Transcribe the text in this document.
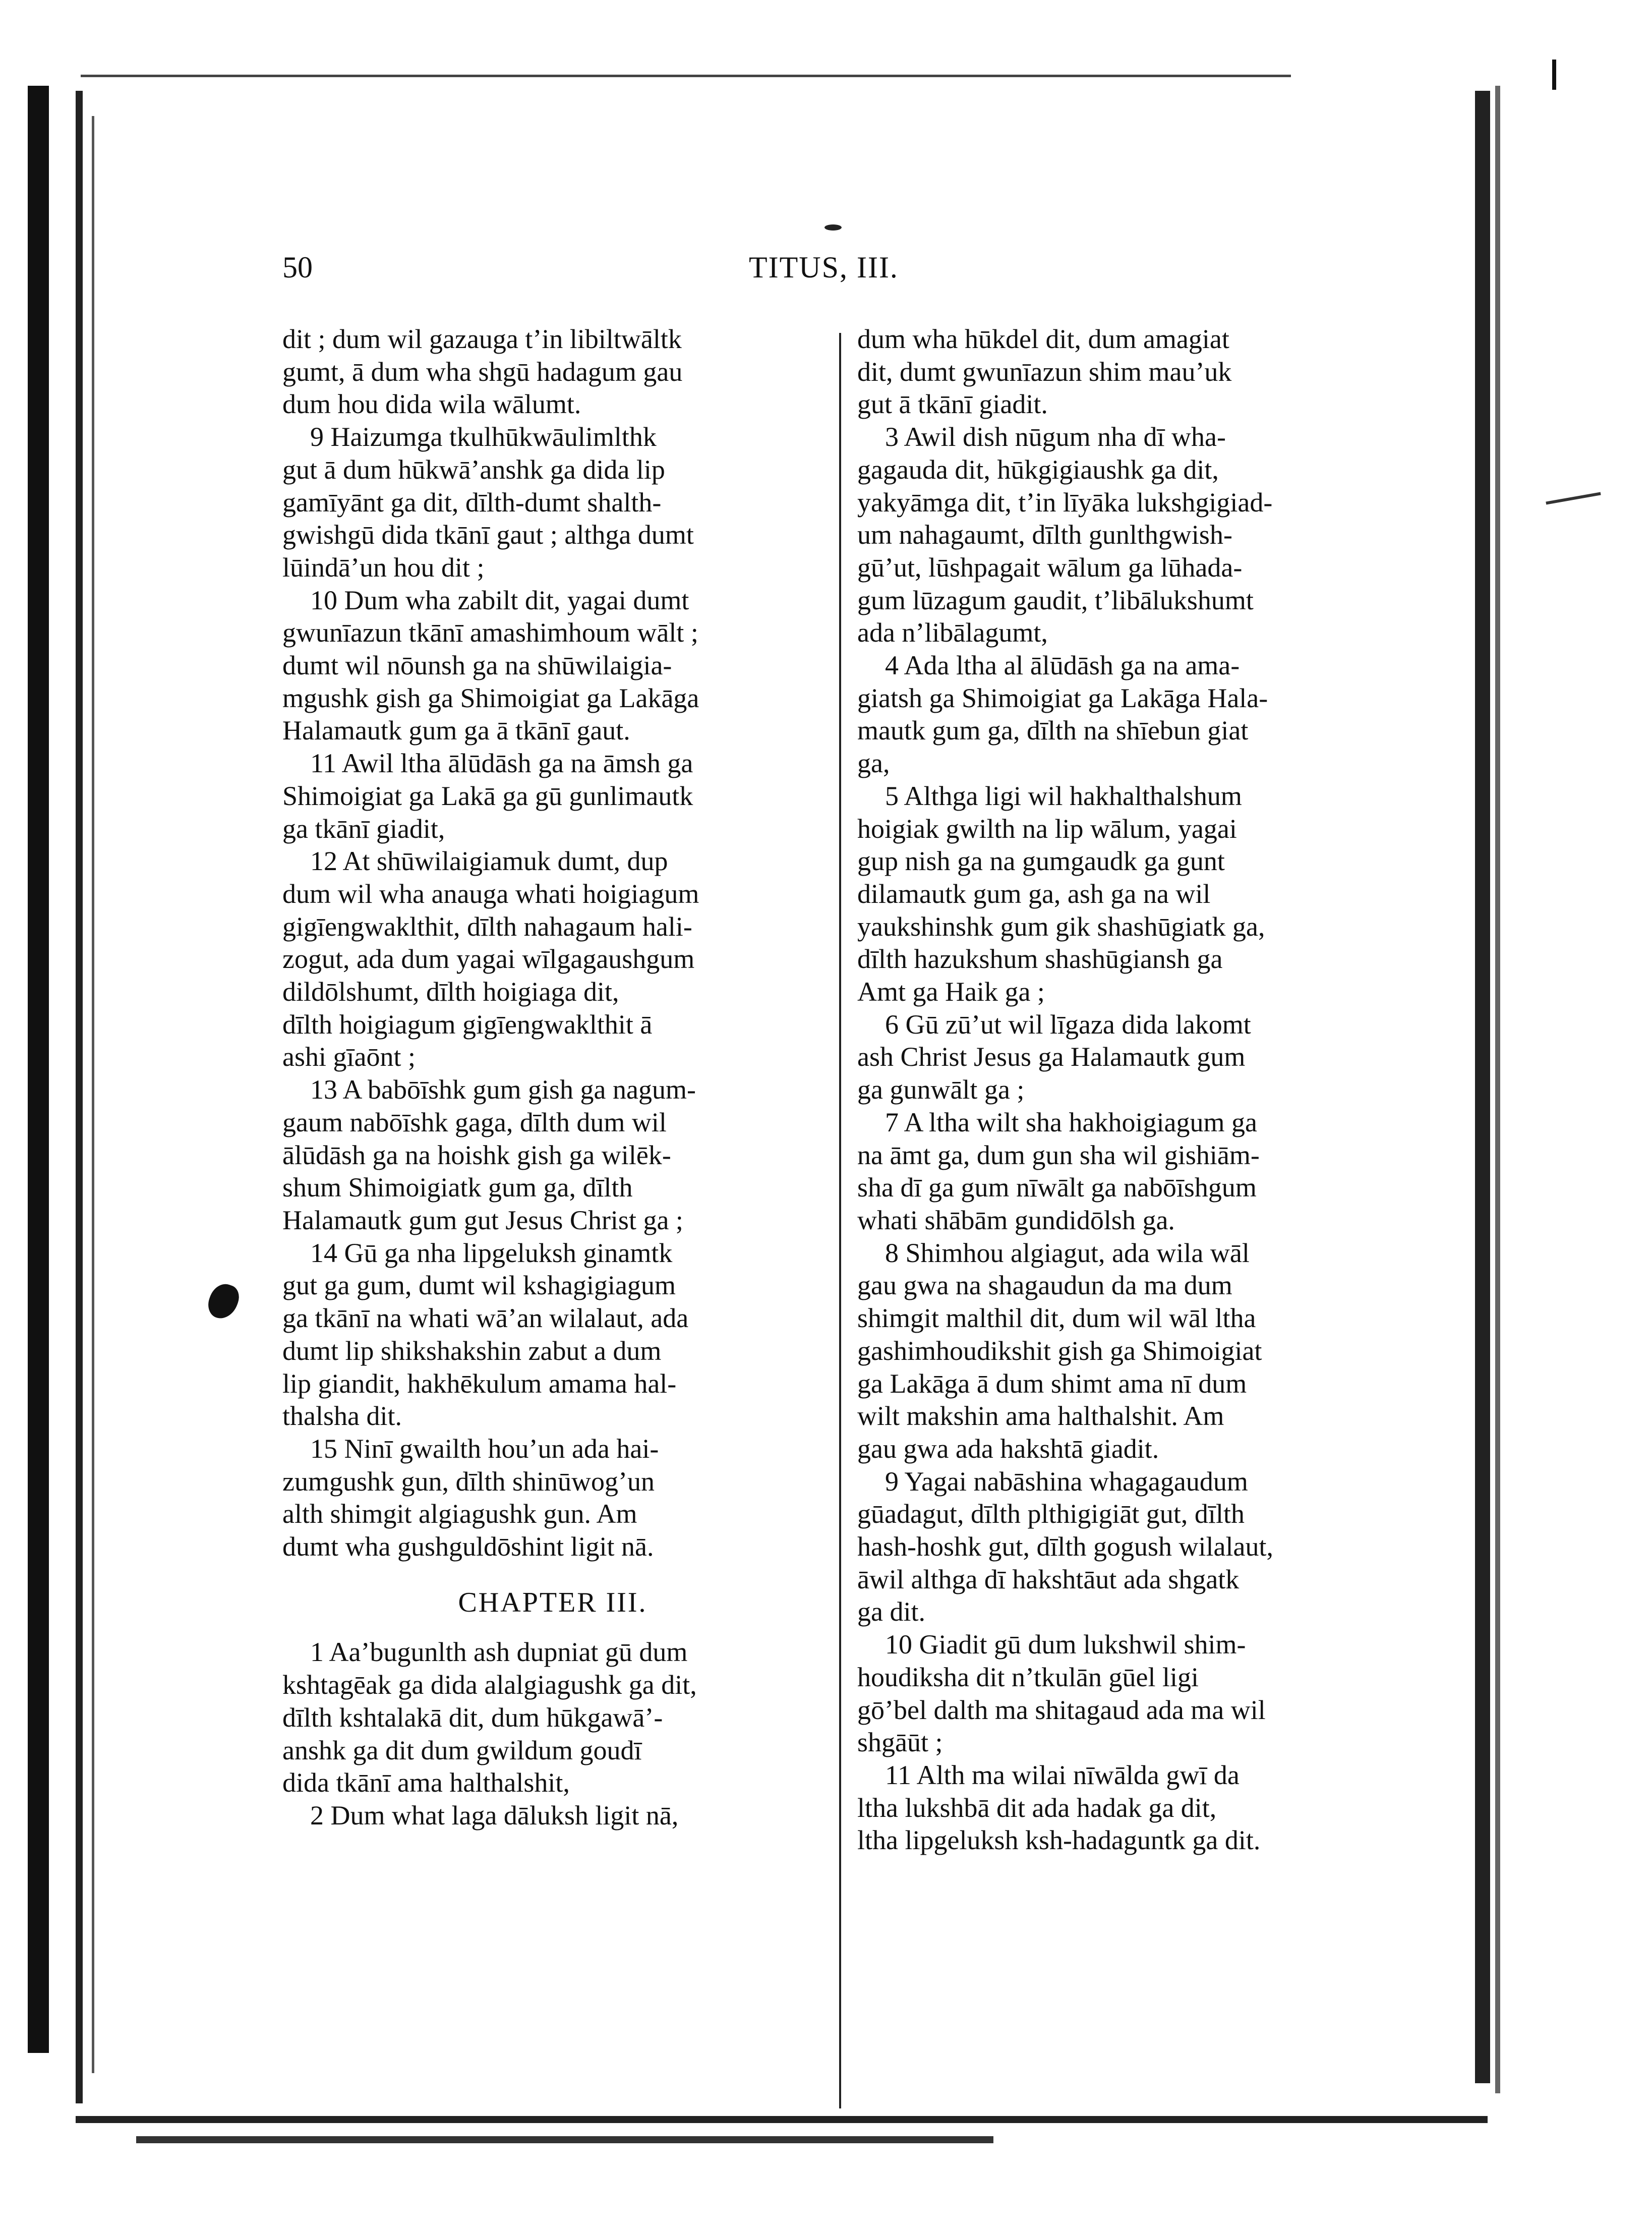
50	TITUS, III.
dit ; dum wil gazauga t’in libiltwāltk
gumt, ā dum wha shgū hadagum gau
dum hou dida wila wālumt.
9 Haizumga tkulhūkwāulimlthk
gut ā dum hūkwā’anshk ga dida lip
gamīyānt ga dit, dīlth-dumt shalth-
gwishgū dida tkānī gaut ; althga dumt
lūindā’un hou dit ;
10 Dum wha zabilt dit, yagai dumt
gwunīazun tkānī amashimhoum wālt ;
dumt wil nōunsh ga na shūwilaigia-
mgushk gish ga Shimoigiat ga Lakāga
Halamautk gum ga ā tkānī gaut.
11 Awil ltha ālūdāsh ga na āmsh ga
Shimoigiat ga Lakā ga gū gunlimautk
ga tkānī giadit,
12 At shūwilaigiamuk dumt, dup
dum wil wha anauga whati hoigiagum
gigīengwaklthit, dīlth nahagaum hali-
zogut, ada dum yagai wīlgagaushgum
dildōlshumt, dīlth hoigiaga dit,
dīlth hoigiagum gigīengwaklthit ā
ashi gīaōnt ;
13 A babōīshk gum gish ga nagum-
gaum nabōīshk gaga, dīlth dum wil
ālūdāsh ga na hoishk gish ga wilēk-
shum Shimoigiatk gum ga, dīlth
Halamautk gum gut Jesus Christ ga ;
14 Gū ga nha lipgeluksh ginamtk
gut ga gum, dumt wil kshagigiagum
ga tkānī na whati wā’an wilalaut, ada
dumt lip shikshakshin zabut a dum
lip giandit, hakhēkulum amama hal-
thalsha dit.
15 Ninī gwailth hou’un ada hai-
zumgushk gun, dīlth shinūwog’un
alth shimgit algiagushk gun. Am
dumt wha gushguldōshint ligit nā.
CHAPTER III.
1 Aa’bugunlth ash dupniat gū dum
kshtagēak ga dida alalgiagushk ga dit,
dīlth kshtalakā dit, dum hūkgawā’-
anshk ga dit dum gwildum goudī
dida tkānī ama halthalshit,
2 Dum what laga dāluksh ligit nā,
dum wha hūkdel dit, dum amagiat
dit, dumt gwunīazun shim mau’uk
gut ā tkānī giadit.
3 Awil dish nūgum nha dī wha-
gagauda dit, hūkgigiaushk ga dit,
yakyāmga dit, t’in līyāka lukshgigiad-
um nahagaumt, dīlth gunlthgwish-
gū’ut, lūshpagait wālum ga lūhada-
gum lūzagum gaudit, t’libālukshumt
ada n’libālagumt,
4 Ada ltha al ālūdāsh ga na ama-
giatsh ga Shimoigiat ga Lakāga Hala-
mautk gum ga, dīlth na shīebun giat
ga,
5 Althga ligi wil hakhalthalshum
hoigiak gwilth na lip wālum, yagai
gup nish ga na gumgaudk ga gunt
dilamautk gum ga, ash ga na wil
yaukshinshk gum gik shashūgiatk ga,
dīlth hazukshum shashūgiansh ga
Amt ga Haik ga ;
6 Gū zū’ut wil līgaza dida lakomt
ash Christ Jesus ga Halamautk gum
ga gunwālt ga ;
7 A ltha wilt sha hakhoigiagum ga
na āmt ga, dum gun sha wil gishiām-
sha dī ga gum nīwālt ga nabōīshgum
whati shābām gundidōlsh ga.
8 Shimhou algiagut, ada wila wāl
gau gwa na shagaudun da ma dum
shimgit malthil dit, dum wil wāl ltha
gashimhoudikshit gish ga Shimoigiat
ga Lakāga ā dum shimt ama nī dum
wilt makshin ama halthalshit. Am
gau gwa ada hakshtā giadit.
9 Yagai nabāshina whagagaudum
gūadagut, dīlth plthigigiāt gut, dīlth
hash-hoshk gut, dīlth gogush wilalaut,
āwil althga dī hakshtāut ada shgatk
ga dit.
10 Giadit gū dum lukshwil shim-
houdiksha dit n’tkulān gūel ligi
gō’bel dalth ma shitagaud ada ma wil
shgāūt ;
11 Alth ma wilai nīwālda gwī da
ltha lukshbā dit ada hadak ga dit,
ltha lipgeluksh ksh-hadaguntk ga dit.
